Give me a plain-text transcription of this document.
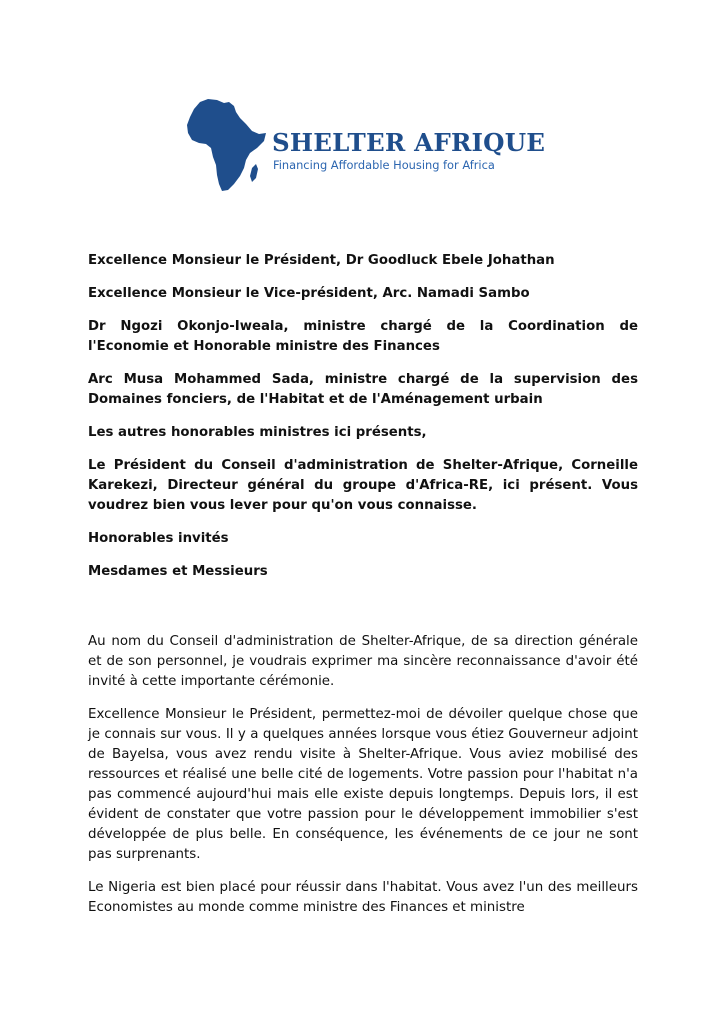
SHELTER AFRIQUE
Financing Affordable Housing for Africa

Excellence Monsieur le Président, Dr Goodluck Ebele Johathan

Excellence Monsieur le Vice-président, Arc. Namadi Sambo

Dr Ngozi Okonjo-Iweala, ministre chargé de la Coordination de l'Economie et Honorable ministre des Finances

Arc Musa Mohammed Sada, ministre chargé de la supervision des Domaines fonciers, de l'Habitat et de l'Aménagement urbain

Les autres honorables ministres ici présents,

Le Président du Conseil d'administration de Shelter-Afrique, Corneille Karekezi, Directeur général du groupe d'Africa-RE, ici présent. Vous voudrez bien vous lever pour qu'on vous connaisse.

Honorables invités

Mesdames et Messieurs

Au nom du Conseil d'administration de Shelter-Afrique, de sa direction générale et de son personnel, je voudrais exprimer ma sincère reconnaissance d'avoir été invité à cette importante cérémonie.

Excellence Monsieur le Président, permettez-moi de dévoiler quelque chose que je connais sur vous. Il y a quelques années lorsque vous étiez Gouverneur adjoint de Bayelsa, vous avez rendu visite à Shelter-Afrique. Vous aviez mobilisé des ressources et réalisé une belle cité de logements. Votre passion pour l'habitat n'a pas commencé aujourd'hui mais elle existe depuis longtemps. Depuis lors, il est évident de constater que votre passion pour le développement immobilier s'est développée de plus belle. En conséquence, les événements de ce jour ne sont pas surprenants.

Le Nigeria est bien placé pour réussir dans l'habitat. Vous avez l'un des meilleurs Economistes au monde comme ministre des Finances et ministre
